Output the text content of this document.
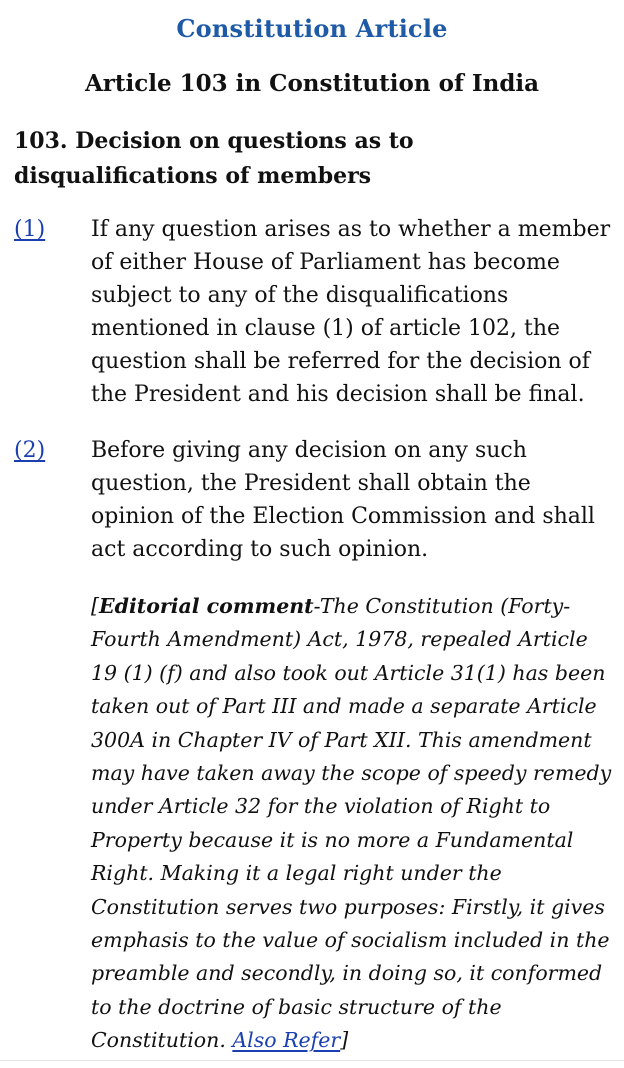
Constitution Article
Article 103 in Constitution of India
103. Decision on questions as to disqualifications of members
(1) If any question arises as to whether a member of either House of Parliament has become subject to any of the disqualifications mentioned in clause (1) of article 102, the question shall be referred for the decision of the President and his decision shall be final.
(2) Before giving any decision on any such question, the President shall obtain the opinion of the Election Commission and shall act according to such opinion.
[Editorial comment-The Constitution (Forty-Fourth Amendment) Act, 1978, repealed Article 19 (1) (f) and also took out Article 31(1) has been taken out of Part III and made a separate Article 300A in Chapter IV of Part XII. This amendment may have taken away the scope of speedy remedy under Article 32 for the violation of Right to Property because it is no more a Fundamental Right. Making it a legal right under the Constitution serves two purposes: Firstly, it gives emphasis to the value of socialism included in the preamble and secondly, in doing so, it conformed to the doctrine of basic structure of the Constitution. Also Refer]
